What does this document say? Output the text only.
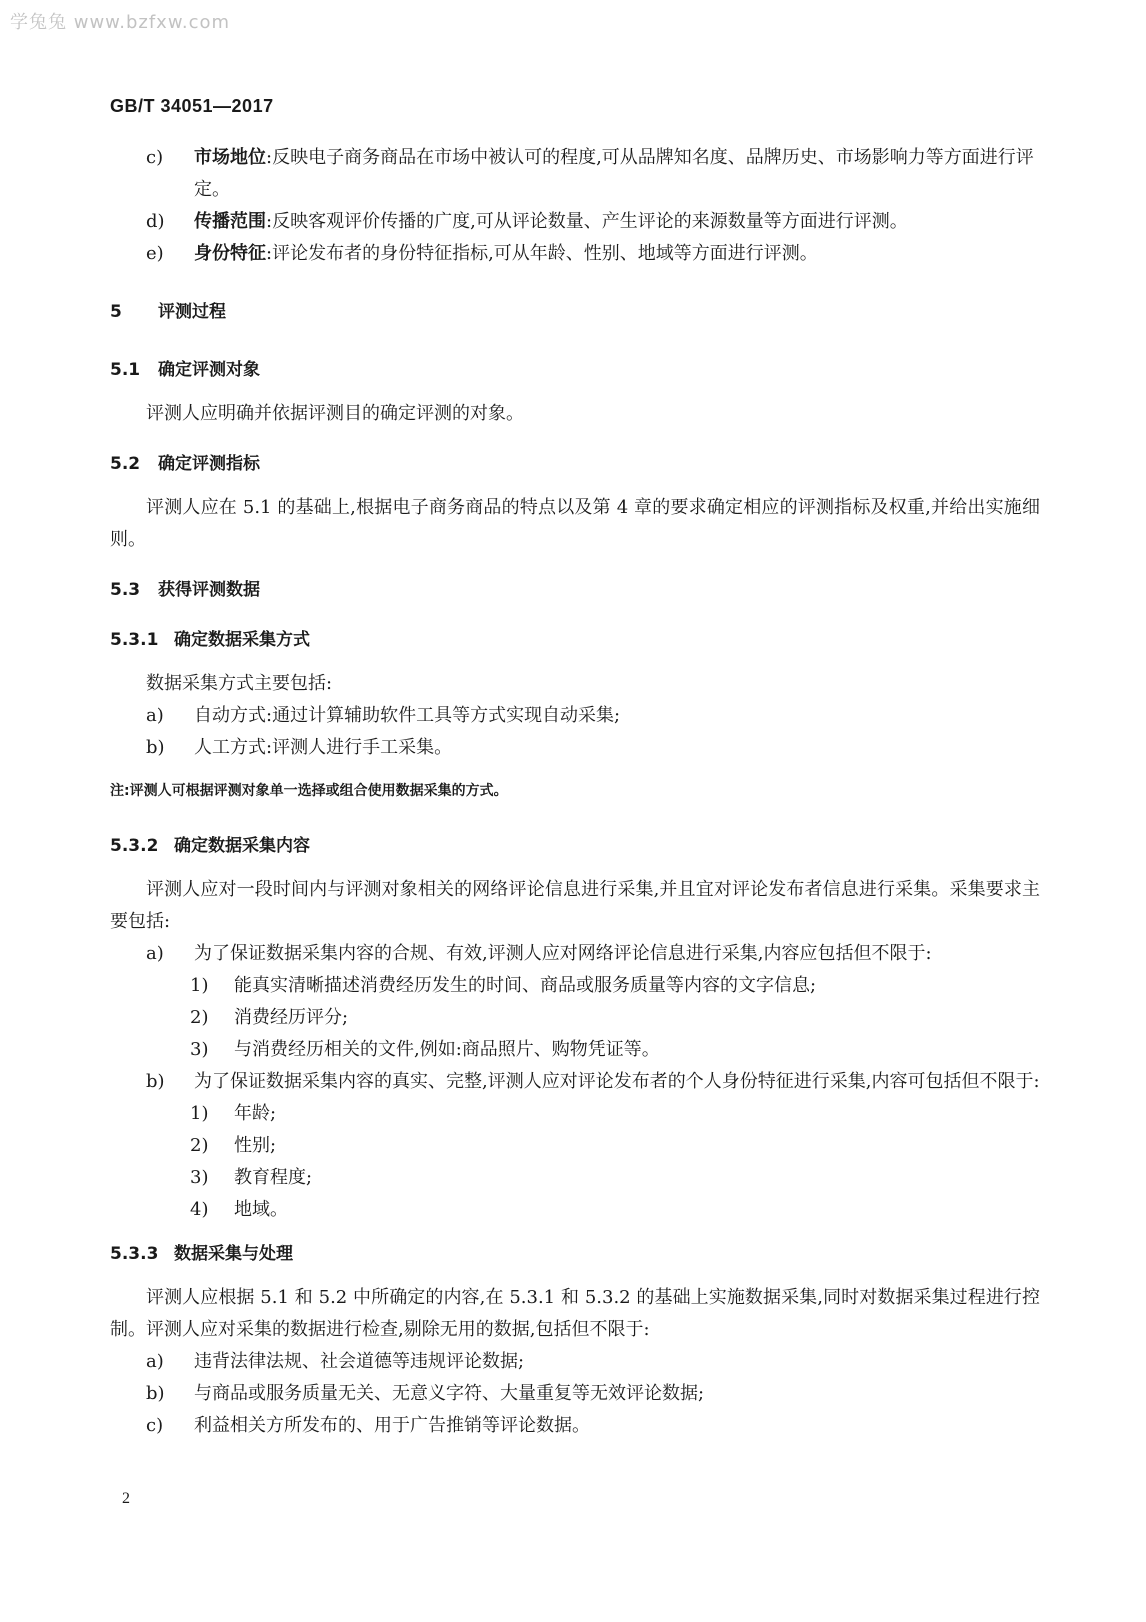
学兔兔 www.bzfxw.com
GB/T 34051—2017
c)	市场地位:反映电子商务商品在市场中被认可的程度,可从品牌知名度、品牌历史、市场影响力等方面进行评定。
d)	传播范围:反映客观评价传播的广度,可从评论数量、产生评论的来源数量等方面进行评测。
e)	身份特征:评论发布者的身份特征指标,可从年龄、性别、地域等方面进行评测。
5	评测过程
5.1	确定评测对象

评测人应明确并依据评测目的确定评测的对象。

5.2	确定评测指标

评测人应在 5.1 的基础上,根据电子商务商品的特点以及第 4 章的要求确定相应的评测指标及权重,并给出实施细则。

5.3	获得评测数据
5.3.1 确定数据采集方式

数据采集方式主要包括:

a)	自动方式:通过计算辅助软件工具等方式实现自动采集;
b)	人工方式:评测人进行手工采集。

注:评测人可根据评测对象单一选择或组合使用数据采集的方式。

5.3.2 确定数据采集内容

评测人应对一段时间内与评测对象相关的网络评论信息进行采集,并且宜对评论发布者信息进行采集。采集要求主要包括:

a)	为了保证数据采集内容的合规、有效,评测人应对网络评论信息进行采集,内容应包括但不限于:
1)	能真实清晰描述消费经历发生的时间、商品或服务质量等内容的文字信息;
2)	消费经历评分;
3)	与消费经历相关的文件,例如:商品照片、购物凭证等。
b)	为了保证数据采集内容的真实、完整,评测人应对评论发布者的个人身份特征进行采集,内容可包括但不限于:
1)	年龄;
2)	性别;
3)	教育程度;
4)	地域。
5.3.3 数据采集与处理

评测人应根据 5.1 和 5.2 中所确定的内容,在 5.3.1 和 5.3.2 的基础上实施数据采集,同时对数据采集过程进行控制。评测人应对采集的数据进行检查,剔除无用的数据,包括但不限于:

a)	违背法律法规、社会道德等违规评论数据;
b)	与商品或服务质量无关、无意义字符、大量重复等无效评论数据;
c)	利益相关方所发布的、用于广告推销等评论数据。
2
